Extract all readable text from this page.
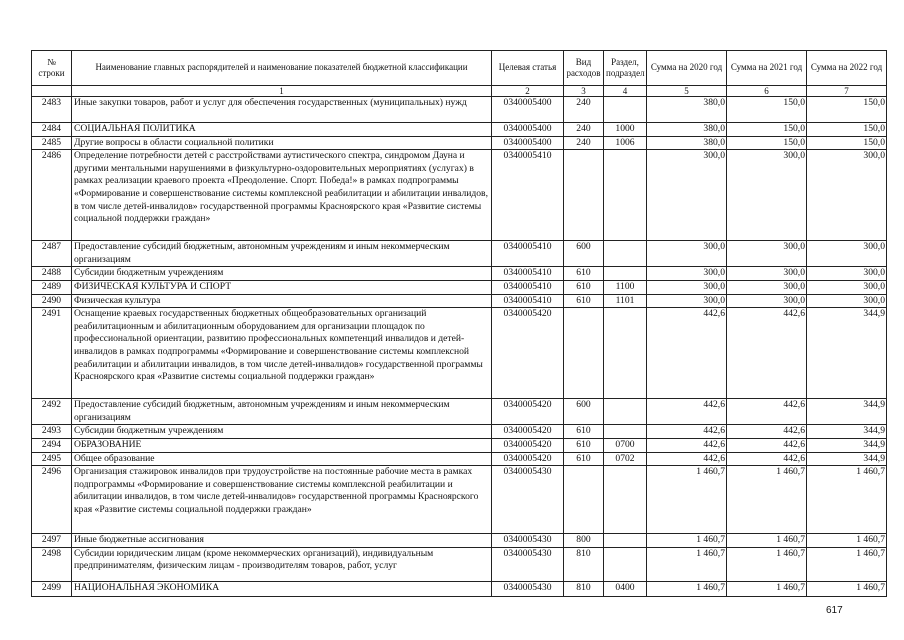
№ строки	Наименование главных распорядителей и наименование показателей бюджетной классификации	Целевая статья	Вид расходов	Раздел, подраздел	Сумма на 2020 год	Сумма на 2021 год	Сумма на 2022 год
	1	2	3	4	5	6	7
2483	Иные закупки товаров, работ и услуг для обеспечения государственных (муниципальных) нужд	0340005400	240		380,0	150,0	150,0
2484	СОЦИАЛЬНАЯ ПОЛИТИКА	0340005400	240	1000	380,0	150,0	150,0
2485	Другие вопросы в области социальной политики	0340005400	240	1006	380,0	150,0	150,0
2486	Определение потребности детей с расстройствами аутистического спектра, синдромом Дауна и другими ментальными нарушениями в физкультурно-оздоровительных мероприятиях (услугах) в рамках реализации краевого проекта «Преодоление. Спорт. Победа!» в рамках подпрограммы «Формирование и совершенствование системы комплексной реабилитации и абилитации инвалидов, в том числе детей-инвалидов» государственной программы Красноярского края «Развитие системы социальной поддержки граждан»	0340005410			300,0	300,0	300,0
2487	Предоставление субсидий бюджетным, автономным учреждениям и иным некоммерческим организациям	0340005410	600		300,0	300,0	300,0
2488	Субсидии бюджетным учреждениям	0340005410	610		300,0	300,0	300,0
2489	ФИЗИЧЕСКАЯ КУЛЬТУРА И СПОРТ	0340005410	610	1100	300,0	300,0	300,0
2490	Физическая культура	0340005410	610	1101	300,0	300,0	300,0
2491	Оснащение краевых государственных бюджетных общеобразовательных организаций реабилитационным и абилитационным оборудованием для организации площадок по профессиональной ориентации, развитию профессиональных компетенций инвалидов и детей-инвалидов в рамках подпрограммы «Формирование и совершенствование системы комплексной реабилитации и абилитации инвалидов, в том числе детей-инвалидов» государственной программы Красноярского края «Развитие системы социальной поддержки граждан»	0340005420			442,6	442,6	344,9
2492	Предоставление субсидий бюджетным, автономным учреждениям и иным некоммерческим организациям	0340005420	600		442,6	442,6	344,9
2493	Субсидии бюджетным учреждениям	0340005420	610		442,6	442,6	344,9
2494	ОБРАЗОВАНИЕ	0340005420	610	0700	442,6	442,6	344,9
2495	Общее образование	0340005420	610	0702	442,6	442,6	344,9
2496	Организация стажировок инвалидов при трудоустройстве на постоянные рабочие места в рамках подпрограммы «Формирование и совершенствование системы комплексной реабилитации и абилитации инвалидов, в том числе детей-инвалидов» государственной программы Красноярского края «Развитие системы социальной поддержки граждан»	0340005430			1 460,7	1 460,7	1 460,7
2497	Иные бюджетные ассигнования	0340005430	800		1 460,7	1 460,7	1 460,7
2498	Субсидии юридическим лицам (кроме некоммерческих организаций), индивидуальным предпринимателям, физическим лицам - производителям товаров, работ, услуг	0340005430	810		1 460,7	1 460,7	1 460,7
2499	НАЦИОНАЛЬНАЯ ЭКОНОМИКА	0340005430	810	0400	1 460,7	1 460,7	1 460,7
617
